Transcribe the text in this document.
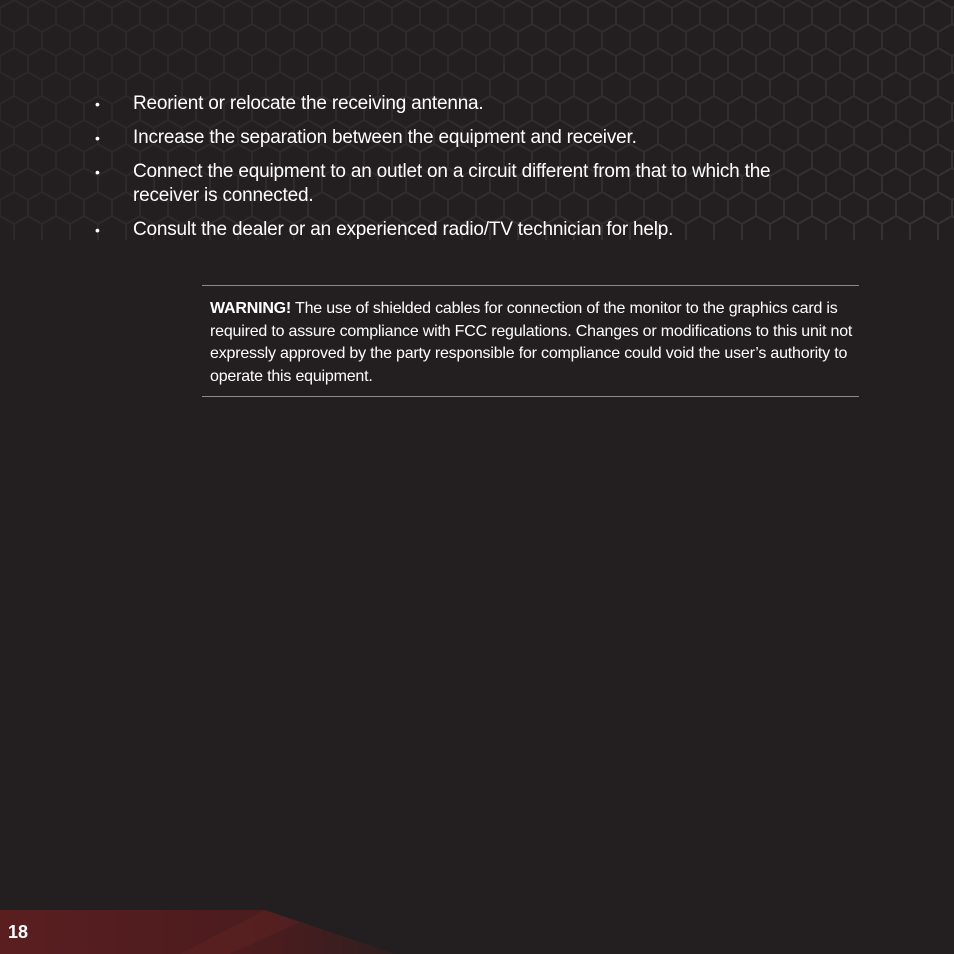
• Reorient or relocate the receiving antenna.
• Increase the separation between the equipment and receiver.
• Connect the equipment to an outlet on a circuit different from that to which the receiver is connected.
• Consult the dealer or an experienced radio/TV technician for help.
WARNING! The use of shielded cables for connection of the monitor to the graphics card is required to assure compliance with FCC regulations. Changes or modifications to this unit not expressly approved by the party responsible for compliance could void the user’s authority to operate this equipment.
18
